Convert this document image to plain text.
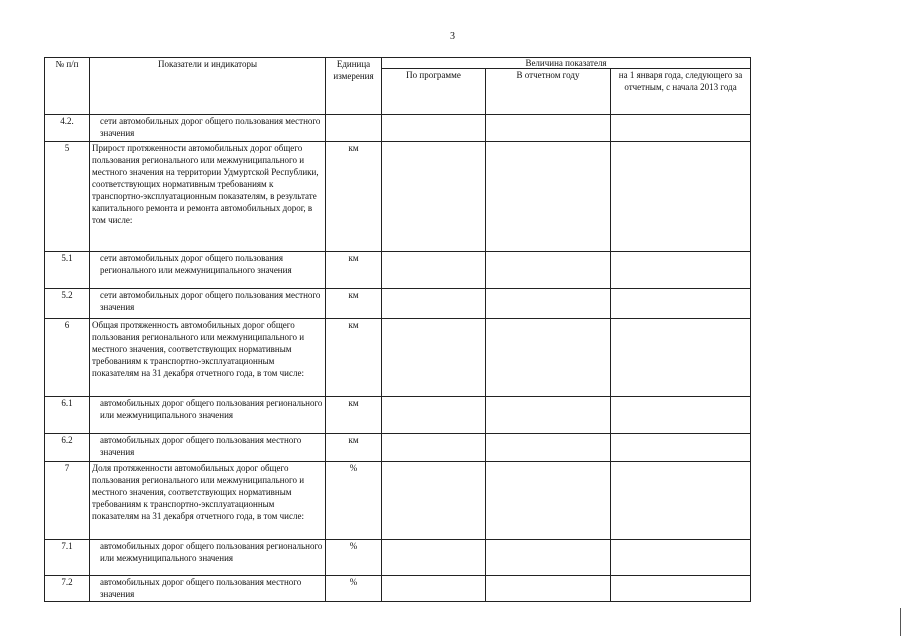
3
№ п/п	Показатели и индикаторы	Единица измерения	Величина показателя		
			По программе	В отчетном году	на 1 января года, следующего за отчетным, с начала 2013 года
4.2.	сети автомобильных дорог общего пользования местного значения				
5	Прирост протяженности автомобильных дорог общего пользования регионального или межмуниципального и местного значения на территории Удмуртской Республики, соответствующих нормативным требованиям к транспортно-эксплуатационным показателям, в результате капитального ремонта и ремонта автомобильных дорог, в том числе:	км			
5.1	сети автомобильных дорог общего пользования регионального или межмуниципального значения	км			
5.2	сети автомобильных дорог общего пользования местного значения	км			
6	Общая протяженность автомобильных дорог общего пользования регионального или межмуниципального и местного значения, соответствующих нормативным требованиям к транспортно-эксплуатационным показателям на 31 декабря отчетного года, в том числе:	км			
6.1	автомобильных дорог общего пользования регионального или межмуниципального значения	км			
6.2	автомобильных дорог общего пользования местного значения	км			
7	Доля протяженности автомобильных дорог общего пользования регионального или межмуниципального и местного значения, соответствующих нормативным требованиям к транспортно-эксплуатационным показателям на 31 декабря отчетного года, в том числе:	%			
7.1	автомобильных дорог общего пользования регионального или межмуниципального значения	%			
7.2	автомобильных дорог общего пользования местного значения	%			
